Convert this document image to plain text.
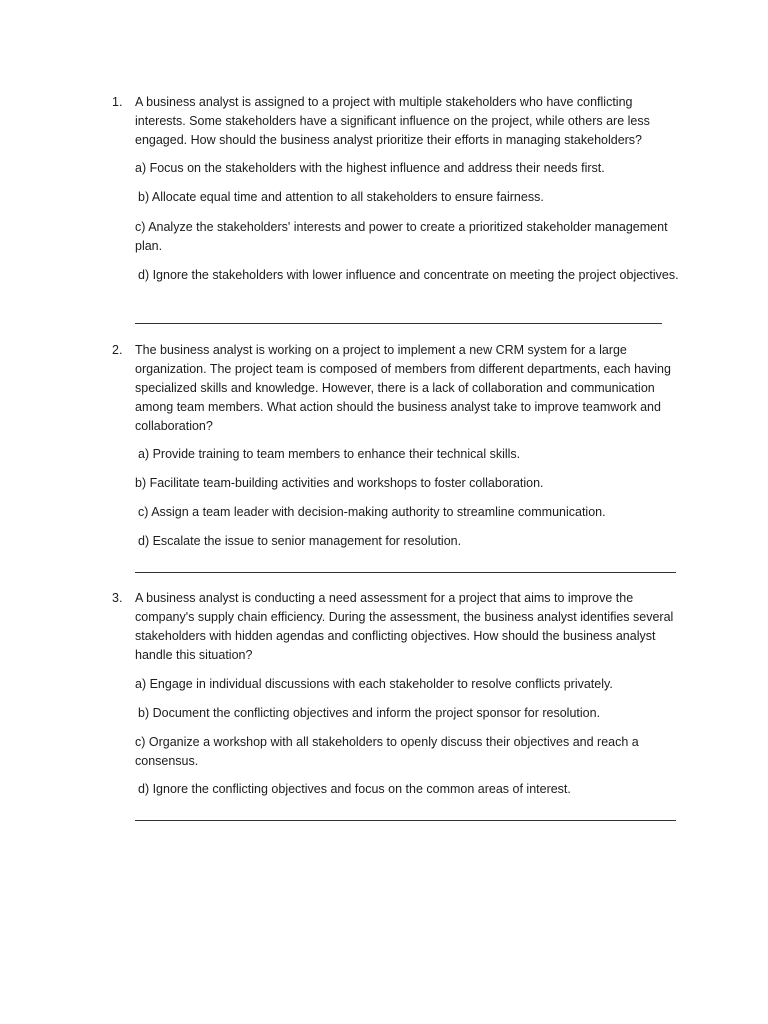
1. A business analyst is assigned to a project with multiple stakeholders who have conflicting interests. Some stakeholders have a significant influence on the project, while others are less engaged. How should the business analyst prioritize their efforts in managing stakeholders?

a) Focus on the stakeholders with the highest influence and address their needs first.

b) Allocate equal time and attention to all stakeholders to ensure fairness.

c) Analyze the stakeholders' interests and power to create a prioritized stakeholder management plan.

d) Ignore the stakeholders with lower influence and concentrate on meeting the project objectives.

2. The business analyst is working on a project to implement a new CRM system for a large organization. The project team is composed of members from different departments, each having specialized skills and knowledge. However, there is a lack of collaboration and communication among team members. What action should the business analyst take to improve teamwork and collaboration?

a) Provide training to team members to enhance their technical skills.

b) Facilitate team-building activities and workshops to foster collaboration.

c) Assign a team leader with decision-making authority to streamline communication.

d) Escalate the issue to senior management for resolution.

3. A business analyst is conducting a need assessment for a project that aims to improve the company's supply chain efficiency. During the assessment, the business analyst identifies several stakeholders with hidden agendas and conflicting objectives. How should the business analyst handle this situation?

a) Engage in individual discussions with each stakeholder to resolve conflicts privately.

b) Document the conflicting objectives and inform the project sponsor for resolution.

c) Organize a workshop with all stakeholders to openly discuss their objectives and reach a consensus.

d) Ignore the conflicting objectives and focus on the common areas of interest.
